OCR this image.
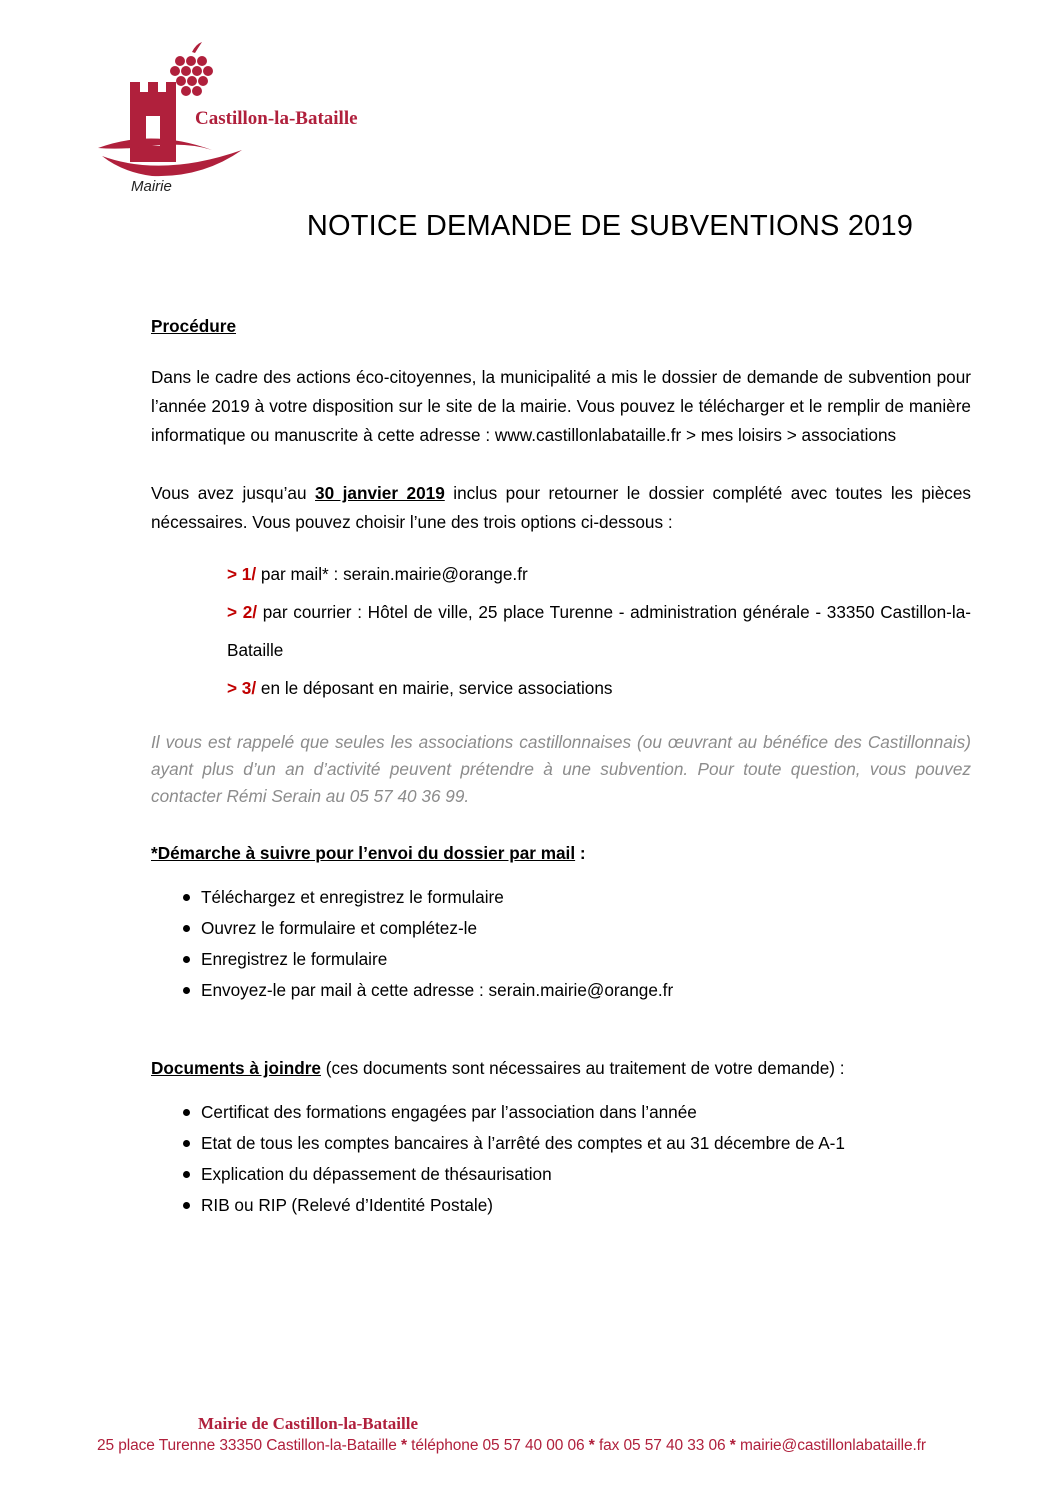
Castillon-la-Bataille
Mairie
NOTICE DEMANDE DE SUBVENTIONS 2019

Procédure

Dans le cadre des actions éco-citoyennes, la municipalité a mis le dossier de demande de subvention pour l’année 2019 à votre disposition sur le site de la mairie. Vous pouvez le télécharger et le remplir de manière informatique ou manuscrite à cette adresse : www.castillonlabataille.fr > mes loisirs > associations

Vous avez jusqu’au 30 janvier 2019 inclus pour retourner le dossier complété avec toutes les pièces nécessaires. Vous pouvez choisir l’une des trois options ci-dessous :

> 1/ par mail* : serain.mairie@orange.fr

> 2/ par courrier : Hôtel de ville, 25 place Turenne - administration générale - 33350 Castillon-la-Bataille

> 3/ en le déposant en mairie, service associations

Il vous est rappelé que seules les associations castillonnaises (ou œuvrant au bénéfice des Castillonnais) ayant plus d’un an d’activité peuvent prétendre à une subvention. Pour toute question, vous pouvez contacter Rémi Serain au 05 57 40 36 99.

*Démarche à suivre pour l’envoi du dossier par mail :

Téléchargez et enregistrez le formulaire
Ouvrez le formulaire et complétez-le
Enregistrez le formulaire
Envoyez-le par mail à cette adresse : serain.mairie@orange.fr

Documents à joindre (ces documents sont nécessaires au traitement de votre demande) :

Certificat des formations engagées par l’association dans l’année
Etat de tous les comptes bancaires à l’arrêté des comptes et au 31 décembre de A-1
Explication du dépassement de thésaurisation
RIB ou RIP (Relevé d’Identité Postale)
Mairie de Castillon-la-Bataille
25 place Turenne 33350 Castillon-la-Bataille * téléphone 05 57 40 00 06 * fax 05 57 40 33 06 * mairie@castillonlabataille.fr
